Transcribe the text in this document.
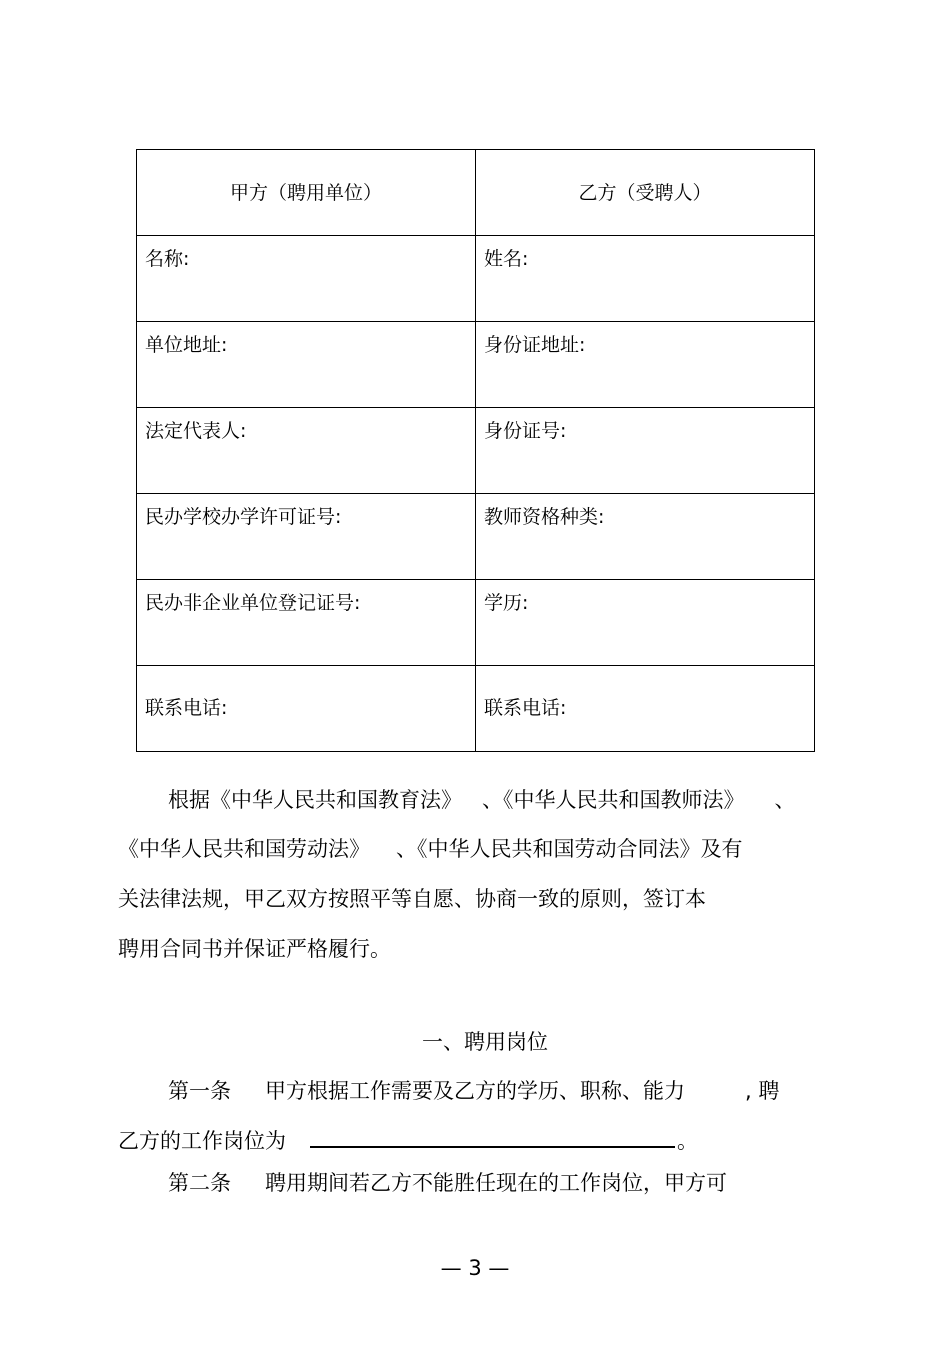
甲方（聘用单位）	乙方（受聘人）
名称:	姓名:
单位地址:	身份证地址:
法定代表人:	身份证号:
民办学校办学许可证号:	教师资格种类:
民办非企业单位登记证号:	学历:
联系电话:	联系电话:
根据《中华人民共和国教育法》 、《中华人民共和国教师法》 、
《中华人民共和国劳动法》 、《中华人民共和国劳动合同法》及有
关法律法规，甲乙双方按照平等自愿、协商一致的原则，签订本
聘用合同书并保证严格履行。
一、聘用岗位
第一条 甲方根据工作需要及乙方的学历、职称、能力	, 聘
乙方的工作岗位为	。
第二条 聘用期间若乙方不能胜任现在的工作岗位，甲方可
— 3 —
